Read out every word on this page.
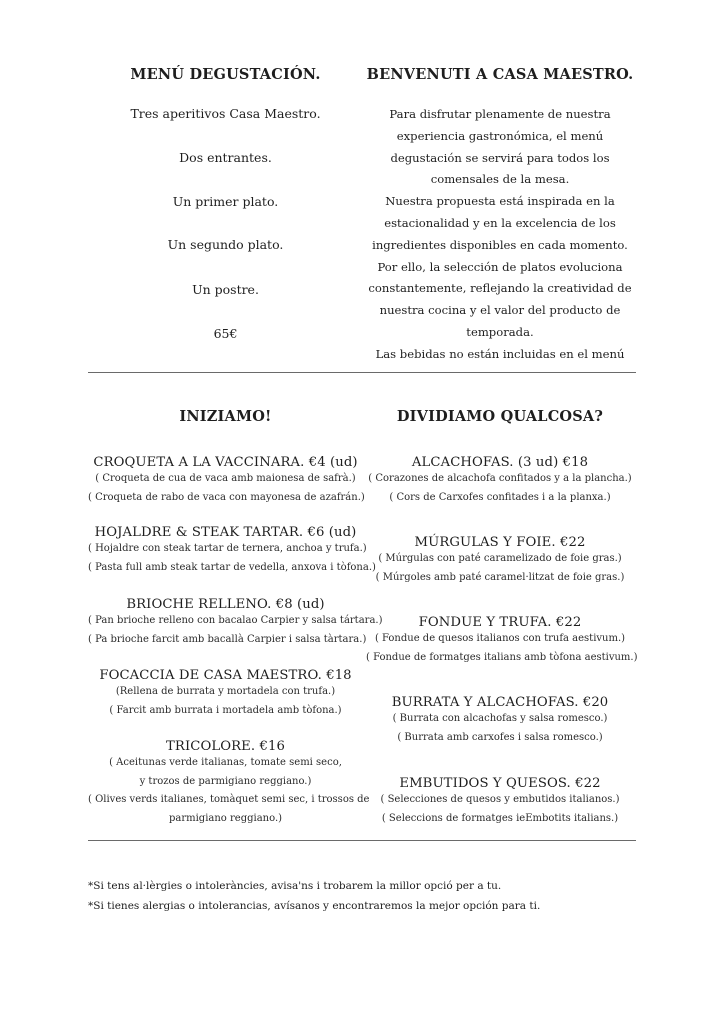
MENÚ DEGUSTACIÓN.
Tres aperitivos Casa Maestro.
Dos entrantes.
Un primer plato.
Un segundo plato.
Un postre.
65€
BENVENUTI A CASA MAESTRO.
Para disfrutar plenamente de nuestra
experiencia gastronómica, el menú
degustación se servirá para todos los
comensales de la mesa.
Nuestra propuesta está inspirada en la
estacionalidad y en la excelencia de los
ingredientes disponibles en cada momento.
Por ello, la selección de platos evoluciona
constantemente, reflejando la creatividad de
nuestra cocina y el valor del producto de
temporada.
Las bebidas no están incluidas en el menú
INIZIAMO!
CROQUETA A LA VACCINARA. €4 (ud)
( Croqueta de cua de vaca amb maionesa de safrà.)
( Croqueta de rabo de vaca con mayonesa de azafrán.)
HOJALDRE & STEAK TARTAR. €6 (ud)
( Hojaldre con steak tartar de ternera, anchoa y trufa.)
( Pasta full amb steak tartar de vedella, anxova i tòfona.)
BRIOCHE RELLENO. €8 (ud)
( Pan brioche relleno con bacalao Carpier y salsa tártara.)
( Pa brioche farcit amb bacallà Carpier i salsa tàrtara.)
FOCACCIA DE CASA MAESTRO. €18
(Rellena de burrata y mortadela con trufa.)
( Farcit amb burrata i mortadela amb tòfona.)
TRICOLORE. €16
( Aceitunas verde italianas, tomate semi seco,
y trozos de parmigiano reggiano.)
( Olives verds italianes, tomàquet semi sec, i trossos de
parmigiano reggiano.)
DIVIDIAMO QUALCOSA?
ALCACHOFAS. (3 ud) €18
( Corazones de alcachofa confitados y a la plancha.)
( Cors de Carxofes confitades i a la planxa.)
MÚRGULAS Y FOIE. €22
( Múrgulas con paté caramelizado de foie gras.)
( Múrgoles amb paté caramel·litzat de foie gras.)
FONDUE Y TRUFA. €22
( Fondue de quesos italianos con trufa aestivum.)
( Fondue de formatges italians amb tòfona aestivum.)
BURRATA Y ALCACHOFAS. €20
( Burrata con alcachofas y salsa romesco.)
( Burrata amb carxofes i salsa romesco.)
EMBUTIDOS Y QUESOS. €22
( Selecciones de quesos y embutidos italianos.)
( Seleccions de formatges ieEmbotits italians.)
*Si tens al·lèrgies o intoleràncies, avisa'ns i trobarem la millor opció per a tu.
*Si tienes alergias o intolerancias, avísanos y encontraremos la mejor opción para ti.
